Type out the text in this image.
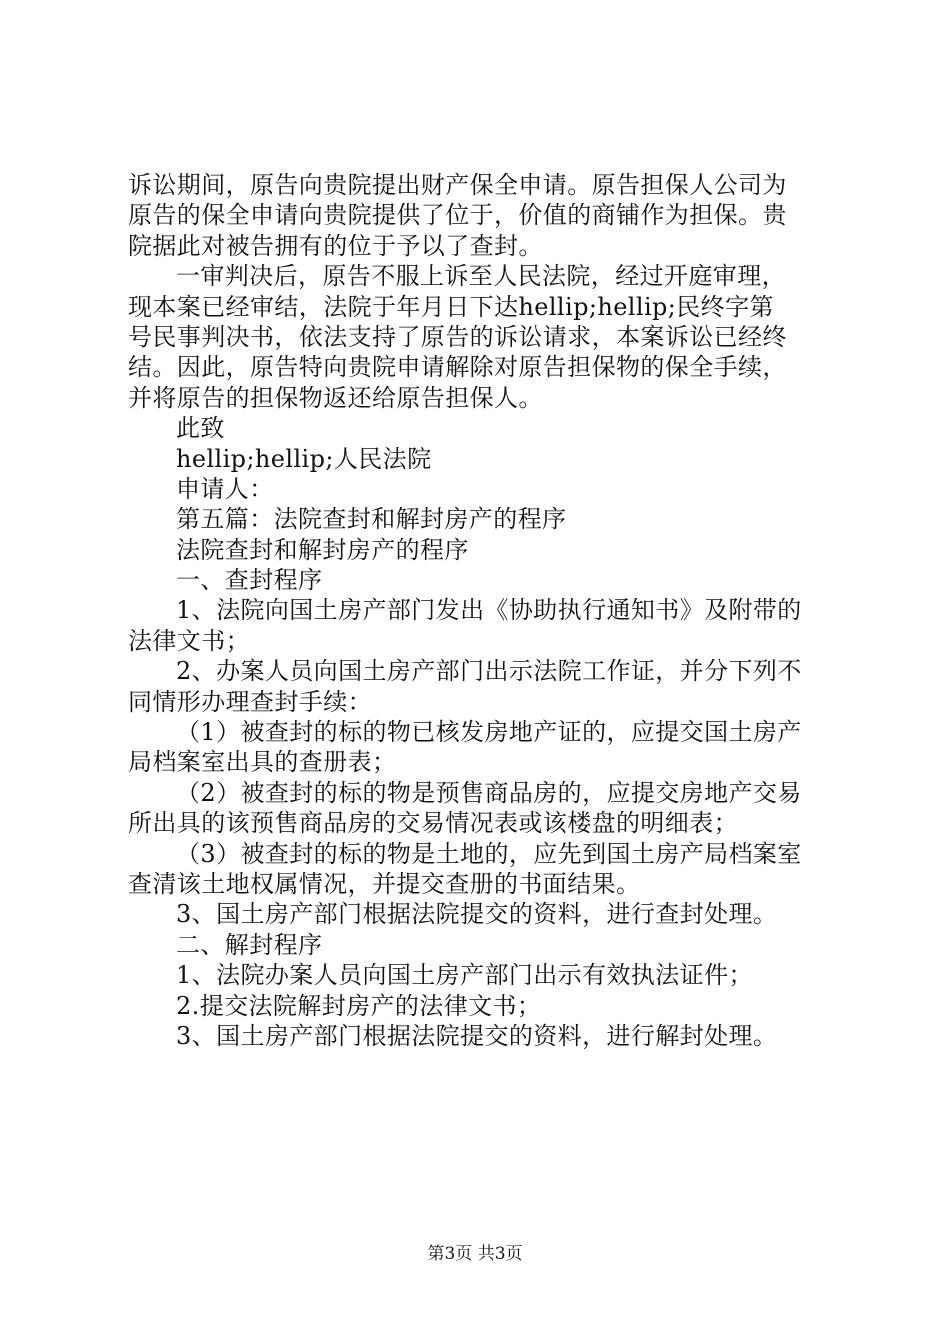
诉讼期间，原告向贵院提出财产保全申请。原告担保人公司为
原告的保全申请向贵院提供了位于，价值的商铺作为担保。贵
院据此对被告拥有的位于予以了查封。
一审判决后，原告不服上诉至人民法院，经过开庭审理，
现本案已经审结，法院于年月日下达hellip;hellip;民终字第
号民事判决书，依法支持了原告的诉讼请求，本案诉讼已经终
结。因此，原告特向贵院申请解除对原告担保物的保全手续，
并将原告的担保物返还给原告担保人。
此致
hellip;hellip;人民法院
申请人：
第五篇：法院查封和解封房产的程序
法院查封和解封房产的程序
一、查封程序
1、法院向国土房产部门发出《协助执行通知书》及附带的
法律文书；
2、办案人员向国土房产部门出示法院工作证，并分下列不
同情形办理查封手续：
（1）被查封的标的物已核发房地产证的，应提交国土房产
局档案室出具的查册表；
（2）被查封的标的物是预售商品房的，应提交房地产交易
所出具的该预售商品房的交易情况表或该楼盘的明细表；
（3）被查封的标的物是土地的，应先到国土房产局档案室
查清该土地权属情况，并提交查册的书面结果。
3、国土房产部门根据法院提交的资料，进行查封处理。
二、解封程序
1、法院办案人员向国土房产部门出示有效执法证件；
2.提交法院解封房产的法律文书；
3、国土房产部门根据法院提交的资料，进行解封处理。
第3页 共3页
